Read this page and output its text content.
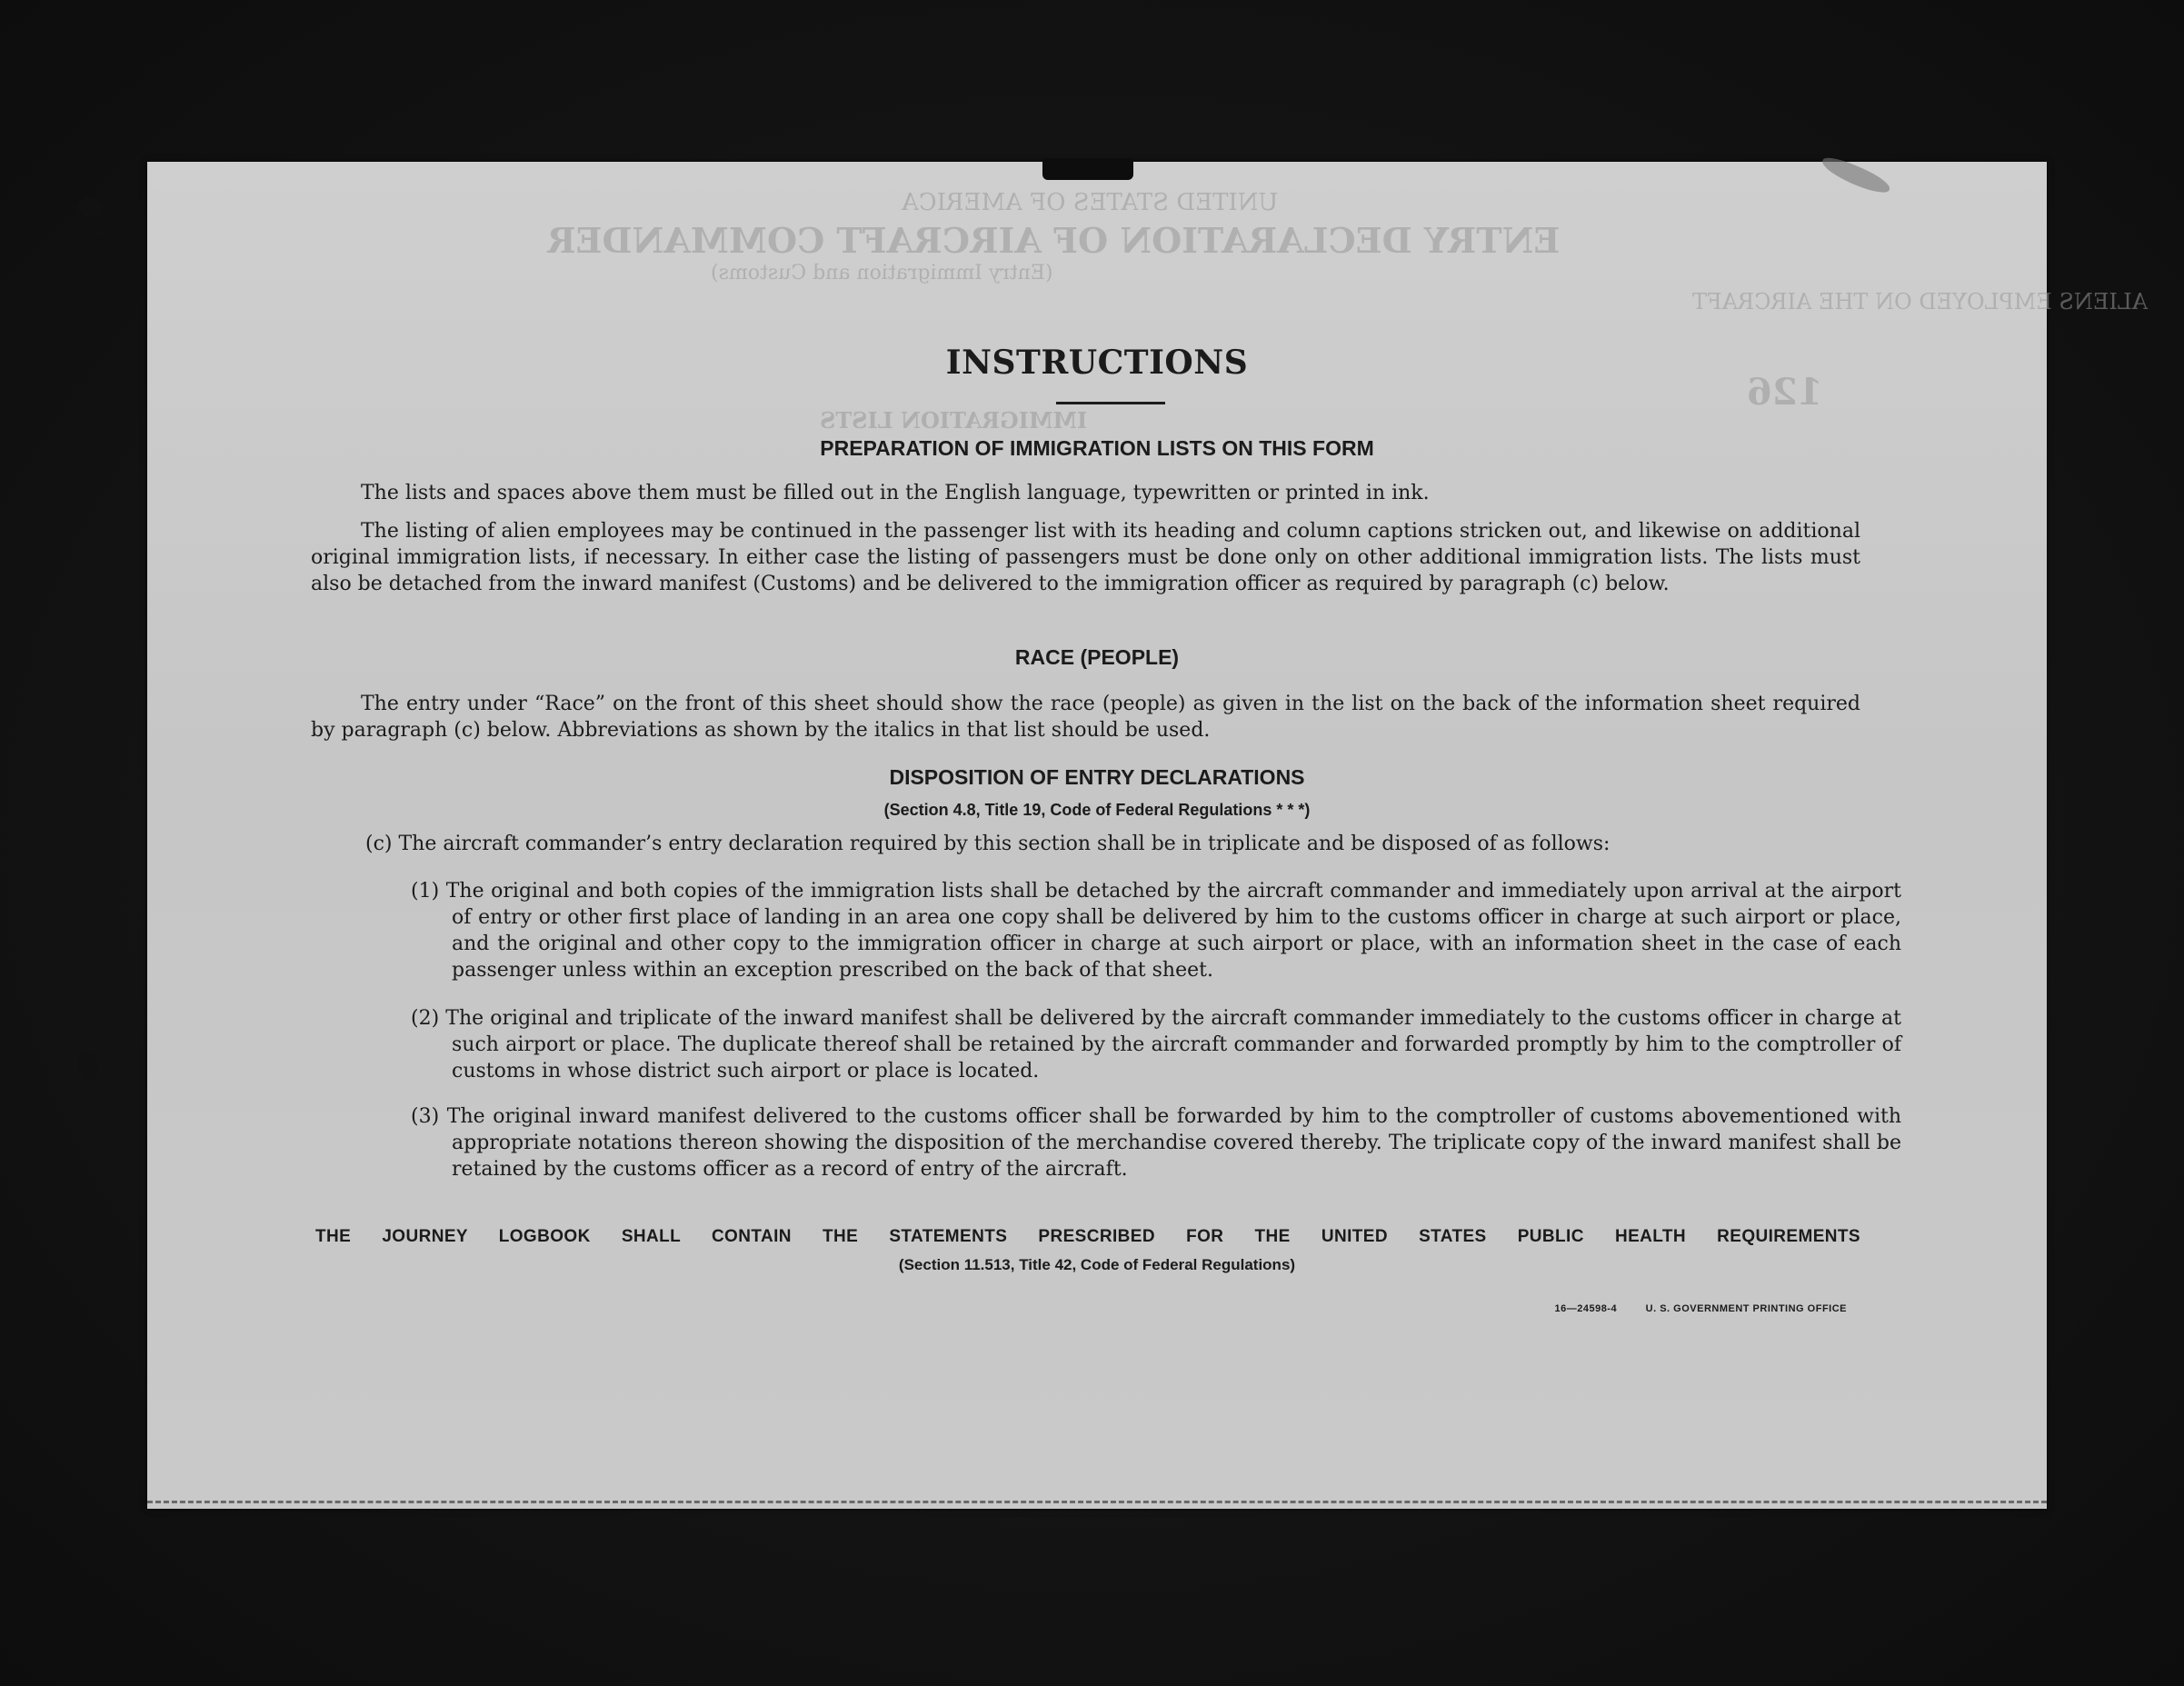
UNITED STATES OF AMERICA
ENTRY DECLARATION OF AIRCRAFT COMMANDER
(Entry Immigration and Customs)
IMMIGRATION LISTS
126
ALIENS EMPLOYED ON THE AIRCRAFT
INSTRUCTIONS
PREPARATION OF IMMIGRATION LISTS ON THIS FORM

The lists and spaces above them must be filled out in the English language, typewritten or printed in ink.

The listing of alien employees may be continued in the passenger list with its heading and column captions stricken out, and likewise on additional original immigration lists, if necessary. In either case the listing of passengers must be done only on other additional immigration lists. The lists must also be detached from the inward manifest (Customs) and be delivered to the immigration officer as required by paragraph (c) below.

RACE (PEOPLE)

The entry under “Race” on the front of this sheet should show the race (people) as given in the list on the back of the information sheet required by paragraph (c) below. Abbreviations as shown by the italics in that list should be used.

DISPOSITION OF ENTRY DECLARATIONS
(Section 4.8, Title 19, Code of Federal Regulations * * *)

(c) The aircraft commander’s entry declaration required by this section shall be in triplicate and be disposed of as follows:

(1) The original and both copies of the immigration lists shall be detached by the aircraft commander and immediately upon arrival at the airport of entry or other first place of landing in an area one copy shall be delivered by him to the customs officer in charge at such airport or place, and the original and other copy to the immigration officer in charge at such airport or place, with an information sheet in the case of each passenger unless within an exception prescribed on the back of that sheet.

(2) The original and triplicate of the inward manifest shall be delivered by the aircraft commander immediately to the customs officer in charge at such airport or place. The duplicate thereof shall be retained by the aircraft commander and forwarded promptly by him to the comptroller of customs in whose district such airport or place is located.

(3) The original inward manifest delivered to the customs officer shall be forwarded by him to the comptroller of customs abovementioned with appropriate notations thereon showing the disposition of the merchandise covered thereby. The triplicate copy of the inward manifest shall be retained by the customs officer as a record of entry of the aircraft.

THE JOURNEY LOGBOOK SHALL CONTAIN THE STATEMENTS PRESCRIBED FOR THE UNITED STATES PUBLIC HEALTH REQUIREMENTS
(Section 11.513, Title 42, Code of Federal Regulations)
16—24598-4	U. S. GOVERNMENT PRINTING OFFICE
